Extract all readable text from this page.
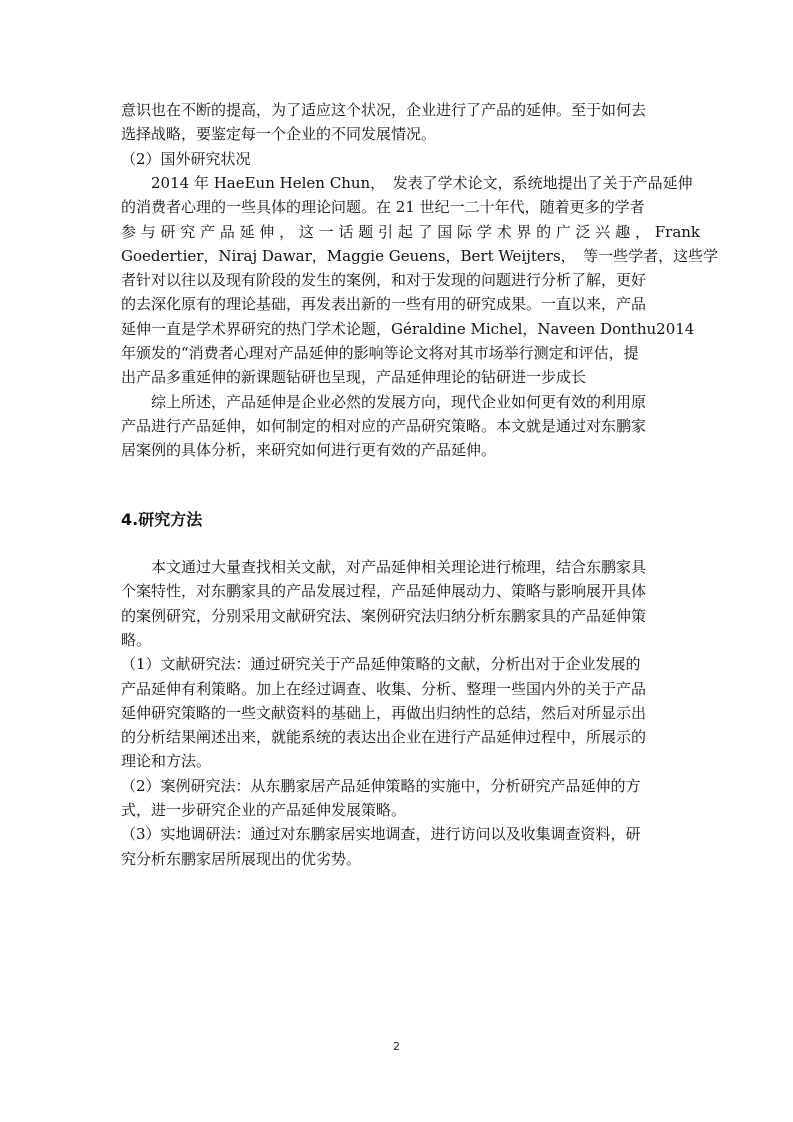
意识也在不断的提高，为了适应这个状况，企业进行了产品的延伸。至于如何去
选择战略，要鉴定每一个企业的不同发展情况。
（2）国外研究状况
　　2014 年 HaeEun Helen Chun，　发表了学术论文，系统地提出了关于产品延伸
的消费者心理的一些具体的理论问题。在 21 世纪一二十年代，随着更多的学者
参 与 研 究 产 品 延 伸 ， 这 一 话 题 引 起 了 国 际 学 术 界 的 广 泛 兴 趣 ， Frank
Goedertier，Niraj Dawar，Maggie Geuens，Bert Weijters，　等一些学者，这些学
者针对以往以及现有阶段的发生的案例，和对于发现的问题进行分析了解，更好
的去深化原有的理论基础，再发表出新的一些有用的研究成果。一直以来，产品
延伸一直是学术界研究的热门学术论题，Géraldine Michel，Naveen Donthu2014
年颁发的“消费者心理对产品延伸的影响等论文将对其市场举行测定和评估，提
出产品多重延伸的新课题钻研也呈现，产品延伸理论的钻研进一步成长
　　综上所述，产品延伸是企业必然的发展方向，现代企业如何更有效的利用原
产品进行产品延伸，如何制定的相对应的产品研究策略。本文就是通过对东鹏家
居案例的具体分析，来研究如何进行更有效的产品延伸。
4.研究方法
　　本文通过大量查找相关文献，对产品延伸相关理论进行梳理，结合东鹏家具
个案特性，对东鹏家具的产品发展过程，产品延伸展动力、策略与影响展开具体
的案例研究，分别采用文献研究法、案例研究法归纳分析东鹏家具的产品延伸策
略。
（1）文献研究法：通过研究关于产品延伸策略的文献，分析出对于企业发展的
产品延伸有利策略。加上在经过调查、收集、分析、整理一些国内外的关于产品
延伸研究策略的一些文献资料的基础上，再做出归纳性的总结，然后对所显示出
的分析结果阐述出来，就能系统的表达出企业在进行产品延伸过程中，所展示的
理论和方法。
（2）案例研究法：从东鹏家居产品延伸策略的实施中，分析研究产品延伸的方
式，进一步研究企业的产品延伸发展策略。
（3）实地调研法：通过对东鹏家居实地调查，进行访问以及收集调查资料，研
究分析东鹏家居所展现出的优劣势。
2
